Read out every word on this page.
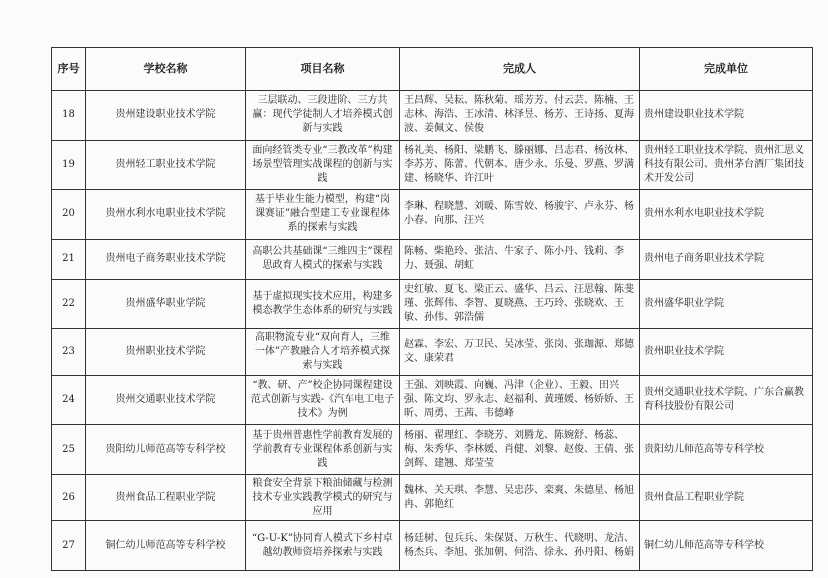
序号	学校名称	项目名称	完成人	完成单位
18	贵州建设职业技术学院	三层联动、三段进阶、三方共赢：现代学徒制人才培养模式创新与实践	王昌辉、吴耘、陈秋菊、瑶芳芳、付云芸、陈楠、王志林、海浩、王冰清、林泽昱、杨芳、王诗扬、夏海波、姜佩文、侯俊	贵州建设职业技术学院
19	贵州轻工职业技术学院	面向经管类专业“三教改革”构建场景型管理实战课程的创新与实践	杨礼美、杨阳、梁鹏飞、滕丽娜、吕志君、杨汝林、李苏芳、陈蕾、代朝本、唐少永、乐曼、罗燕、罗满建、杨晓华、许江叶	贵州轻工职业技术学院、贵州汇思义科技有限公司、贵州茅台酒厂集团技术开发公司
20	贵州水利水电职业技术学院	基于毕业生能力模型，构建“岗课赛证”融合型建工专业课程体系的探索与实践	李琳、程晓慧、刘暖、陈雪姣、杨骏宇、卢永芬、杨小春、向那、汪兴	贵州水利水电职业技术学院
21	贵州电子商务职业技术学院	高职公共基础课“三维四主”课程思政育人模式的探索与实践	陈畅、柴艳玲、张洁、牛家子、陈小丹、钱莉、李力、聂强、胡虹	贵州电子商务职业技术学院
22	贵州盛华职业学院	基于虚拟现实技术应用，构建多模态教学生态体系的研究与实践	史红敏、夏飞、梁正云、盛华、吕云、汪思翰、陈斐瑾、张辉伟、李智、夏晓燕、王巧玲、张晓欢、王敏、孙伟、郭浩儒	贵州盛华职业学院
23	贵州职业技术学院	高职物流专业“双向育人，三维一体”产教融合人才培养模式探索与实践	赵霖、李宏、万卫民、吴冰莹、张岗、张珈源、郑德文、康荣君	贵州职业技术学院
24	贵州交通职业技术学院	“教、研、产”校企协同课程建设范式创新与实践-《汽车电工电子技术》为例	王强、刘映霞、向巍、冯津（企业）、王毅、田兴强、陈文均、罗永志、赵福利、黄瑾媛、杨娇娇、王昕、周勇、王茜、韦德峰	贵州交通职业技术学院、广东合赢教育科技股份有限公司
25	贵阳幼儿师范高等专科学校	基于贵州普惠性学前教育发展的学前教育专业课程体系创新与实践	杨丽、翟理红、李晓芳、刘腾龙、陈婉舒、杨蕊、梅、朱秀华、李林媛、肖健、刘黎、赵俊、王倩、张剑辉、建翘、郑莹莹	贵阳幼儿师范高等专科学校
26	贵州食品工程职业学院	粮食安全背景下粮油储藏与检测技术专业实践教学模式的研究与应用	魏林、关天琪、李慧、吴忠莎、栾爽、朱德星、杨旭冉、郭艳红	贵州食品工程职业学院
27	铜仁幼儿师范高等专科学校	“G-U-K”协同育人模式下乡村卓越幼教师资培养探索与实践	杨廷树、包兵兵、朱保贤、万秋生、代晓明、龙洁、杨杰兵、李旭、张加朝、何浩、徐永、孙丹阳、杨娟	铜仁幼儿师范高等专科学校
